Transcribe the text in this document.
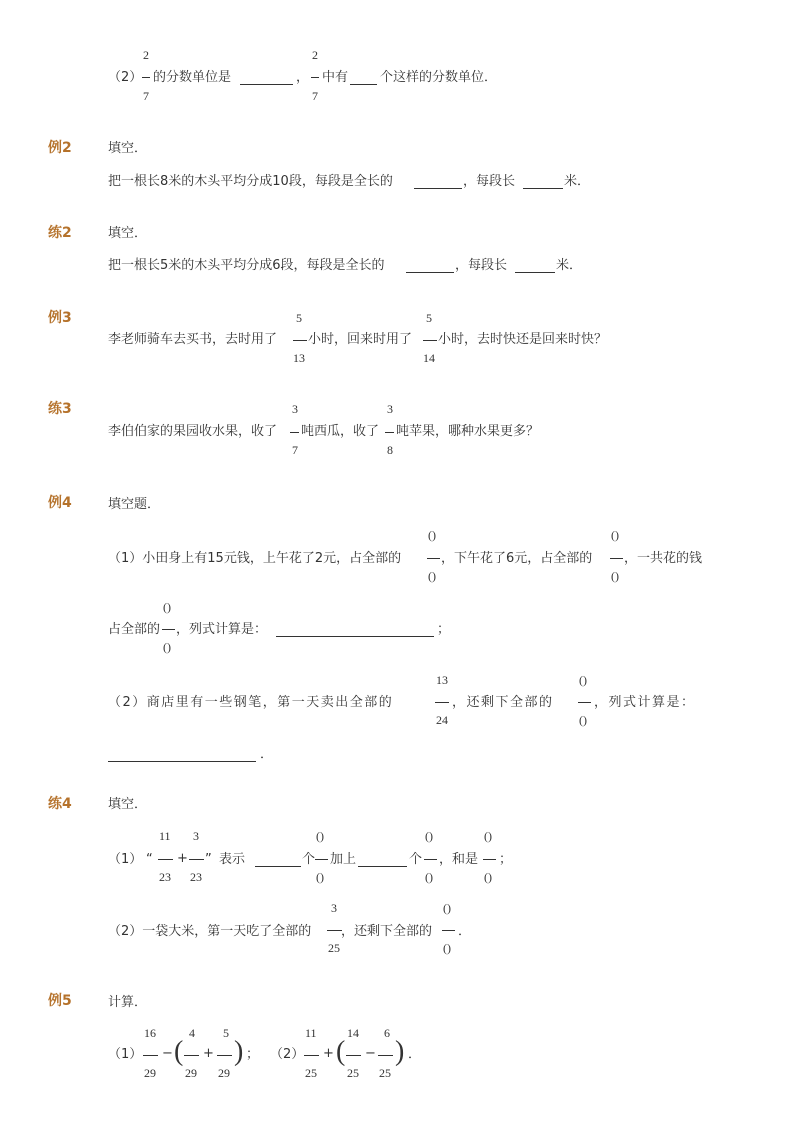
（2）
2
7
的分数单位是	，
2
7
中有 个这样的分数单位．
例2	填空．
把一根长8米的木头平均分成10段，每段是全长的	，每段长	米．
练2	填空．
把一根长5米的木头平均分成6段，每段是全长的	，每段长	米．
例3
李老师骑车去买书，去时用了
5
13
小时，回来时用了
5
14
小时，去时快还是回来时快？
练3
李伯伯家的果园收水果，收了
3
7
吨西瓜，收了
3
8
吨苹果，哪种水果更多？
例4	填空题．
（1）小田身上有15元钱，上午花了2元，占全部的
()
()
，下午花了6元，占全部的
()
()
，一共花的钱
占全部的
()
()
，列式计算是：	；
（2）商店里有一些钢笔，第一天卖出全部的
13
24
，还剩下全部的
()
()
，列式计算是：
．
练4	填空．
（1） “
11
23
+
3
23
” 表示	个
()
()
加上	个
()
()
，和是
()
()
；
（2）一袋大米，第一天吃了全部的
3
25
，还剩下全部的
()
()
．
例5	计算．
（1）
16
29
− (
4
29
+
5
29
) ； （2）
11
25
+ (
14
25
−
6
25
) ．
